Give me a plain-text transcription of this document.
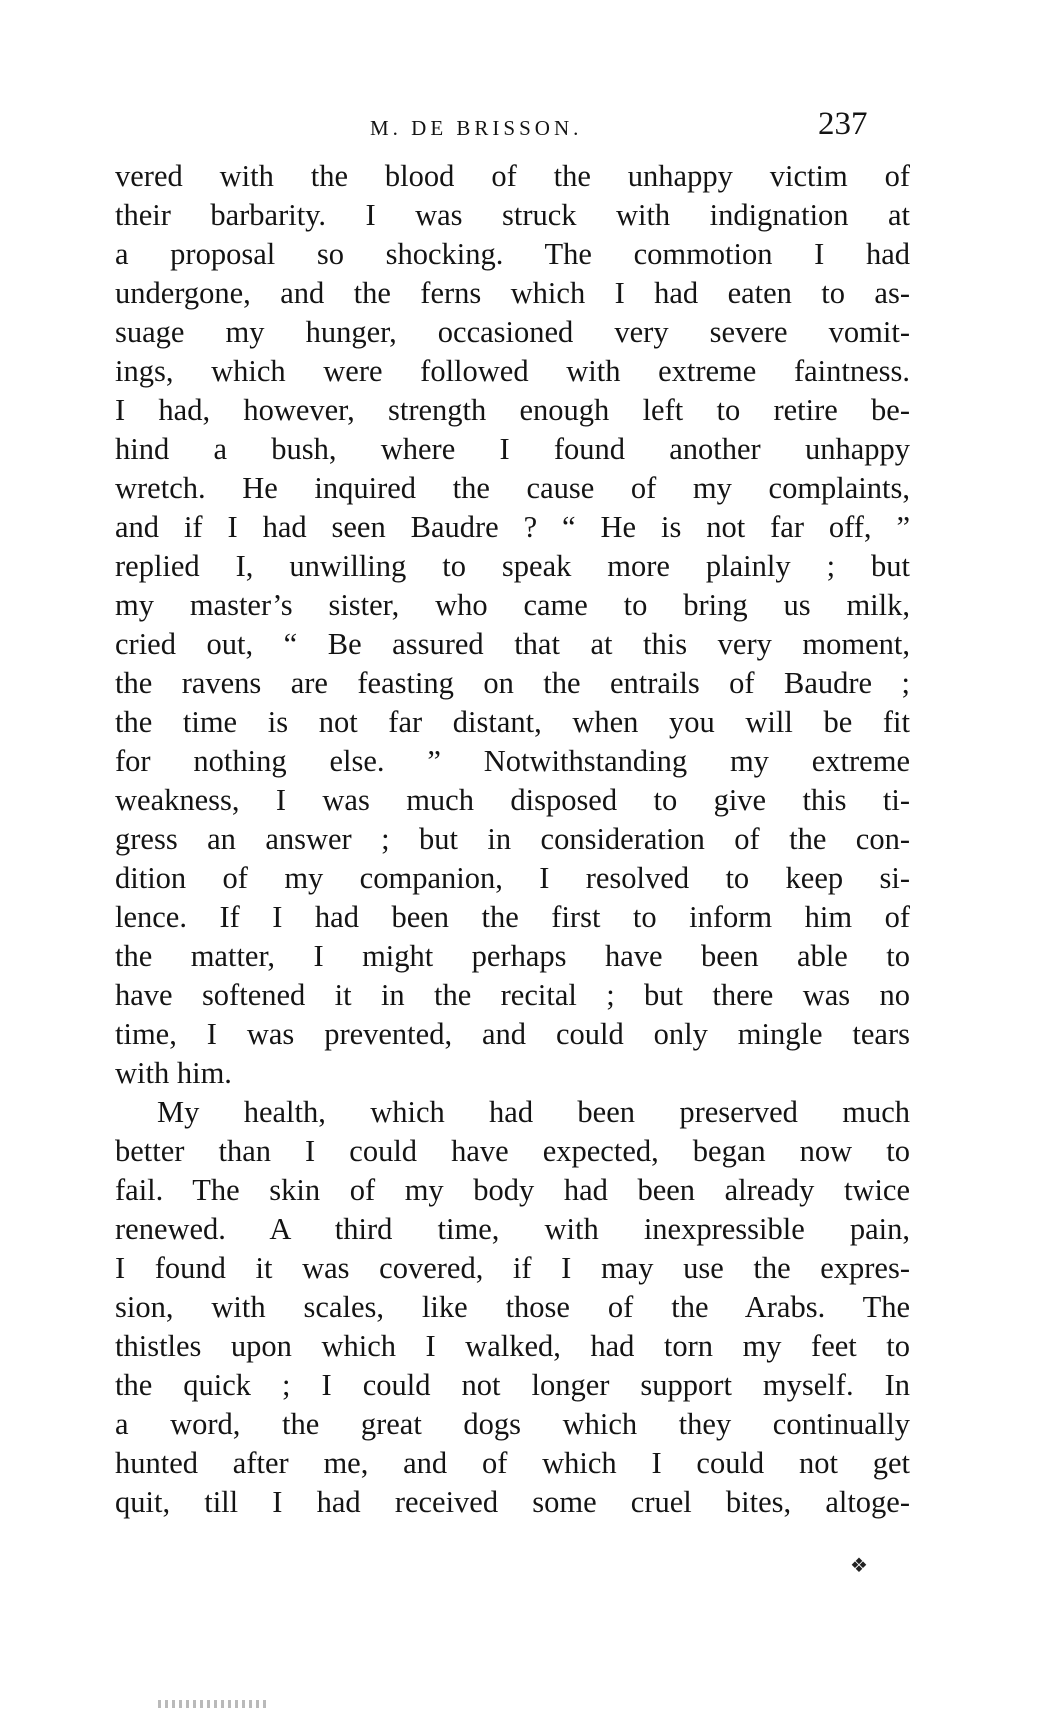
M. DE BRISSON.	237
vered with the blood of the unhappy victim of
their barbarity. I was struck with indignation at
a proposal so shocking. The commotion I had
undergone, and the ferns which I had eaten to as-
suage my hunger, occasioned very severe vomit-
ings, which were followed with extreme faintness.
I had, however, strength enough left to retire be-
hind a bush, where I found another unhappy
wretch. He inquired the cause of my complaints,
and if I had seen Baudre ? “ He is not far off, ”
replied I, unwilling to speak more plainly ; but
my master’s sister, who came to bring us milk,
cried out, “ Be assured that at this very moment,
the ravens are feasting on the entrails of Baudre ;
the time is not far distant, when you will be fit
for nothing else. ” Notwithstanding my extreme
weakness, I was much disposed to give this ti-
gress an answer ; but in consideration of the con-
dition of my companion, I resolved to keep si-
lence. If I had been the first to inform him of
the matter, I might perhaps have been able to
have softened it in the recital ; but there was no
time, I was prevented, and could only mingle tears
with him.
My health, which had been preserved much
better than I could have expected, began now to
fail. The skin of my body had been already twice
renewed. A third time, with inexpressible pain,
I found it was covered, if I may use the expres-
sion, with scales, like those of the Arabs. The
thistles upon which I walked, had torn my feet to
the quick ; I could not longer support myself. In
a word, the great dogs which they continually
hunted after me, and of which I could not get
quit, till I had received some cruel bites, altoge-
❖
